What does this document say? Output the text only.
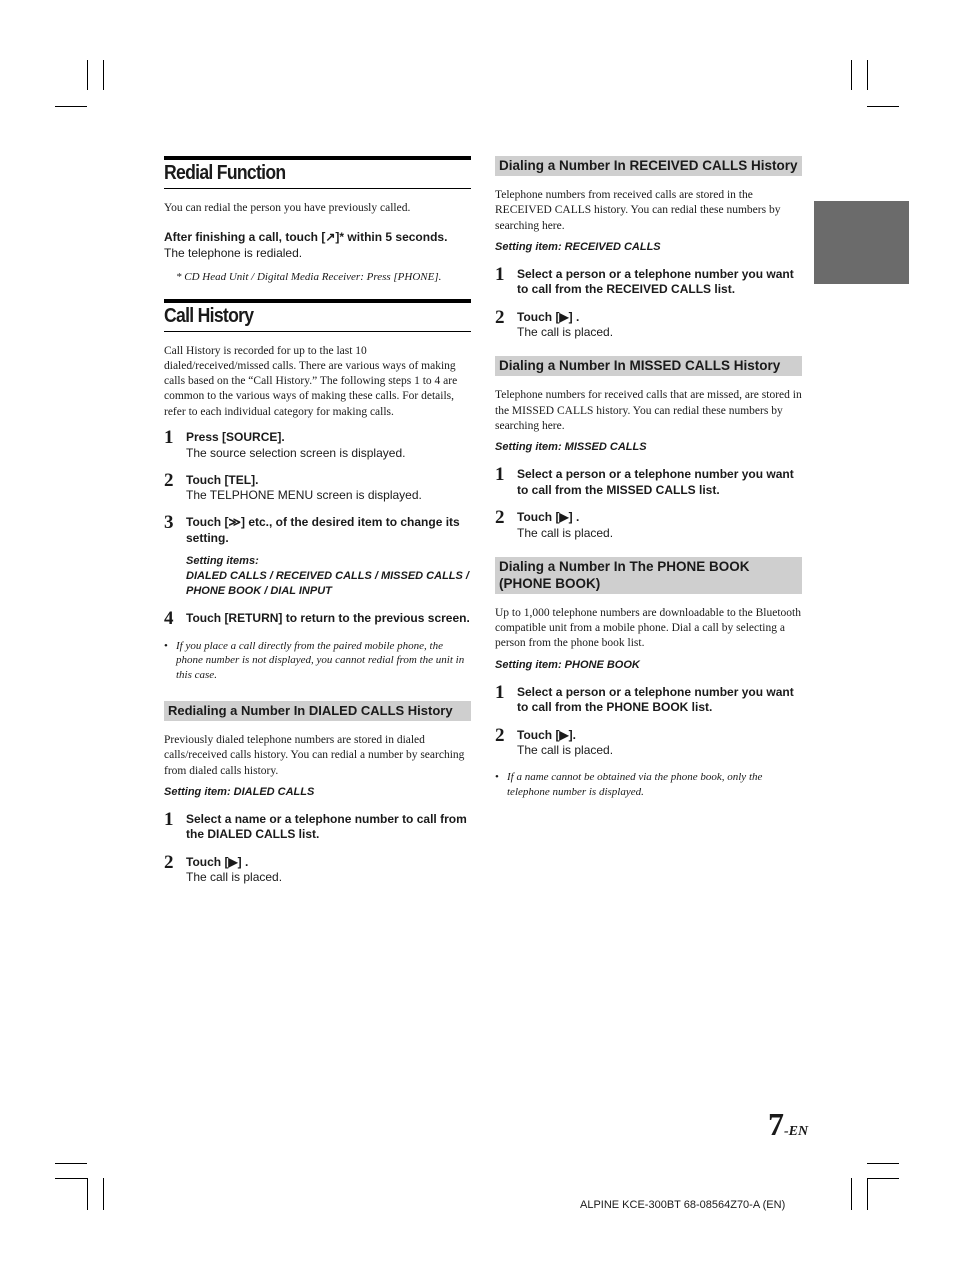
Redial Function

You can redial the person you have previously called.

After finishing a call, touch [↗]* within 5 seconds.
The telephone is redialed.

* CD Head Unit / Digital Media Receiver: Press [PHONE].

Call History

Call History is recorded for up to the last 10 dialed/received/missed calls. There are various ways of making calls based on the “Call History.” The following steps 1 to 4 are common to the various ways of making these calls. For details, refer to each individual category for making calls.

1 Press [SOURCE].
The source selection screen is displayed.
2 Touch [TEL].
The TELPHONE MENU screen is displayed.
3 Touch [≫] etc., of the desired item to change its setting.
Setting items:
DIALED CALLS / RECEIVED CALLS / MISSED CALLS / PHONE BOOK / DIAL INPUT
4 Touch [RETURN] to return to the previous screen.

• If you place a call directly from the paired mobile phone, the phone number is not displayed, you cannot redial from the unit in this case.

Redialing a Number In DIALED CALLS History

Previously dialed telephone numbers are stored in dialed calls/received calls history. You can redial a number by searching from dialed calls history.

Setting item: DIALED CALLS

1 Select a name or a telephone number to call from the DIALED CALLS list.
2 Touch [▶] .
The call is placed.
Dialing a Number In RECEIVED CALLS History

Telephone numbers from received calls are stored in the RECEIVED CALLS history. You can redial these numbers by searching here.

Setting item: RECEIVED CALLS

1 Select a person or a telephone number you want to call from the RECEIVED CALLS list.
2 Touch [▶] .
The call is placed.
Dialing a Number In MISSED CALLS History

Telephone numbers for received calls that are missed, are stored in the MISSED CALLS history. You can redial these numbers by searching here.

Setting item: MISSED CALLS

1 Select a person or a telephone number you want to call from the MISSED CALLS list.
2 Touch [▶] .
The call is placed.
Dialing a Number In The PHONE BOOK (PHONE BOOK)

Up to 1,000 telephone numbers are downloadable to the Bluetooth compatible unit from a mobile phone. Dial a call by selecting a person from the phone book list.

Setting item: PHONE BOOK

1 Select a person or a telephone number you want to call from the PHONE BOOK list.
2 Touch [▶].
The call is placed.

• If a name cannot be obtained via the phone book, only the telephone number is displayed.

7-EN
ALPINE KCE-300BT 68-08564Z70-A (EN)
